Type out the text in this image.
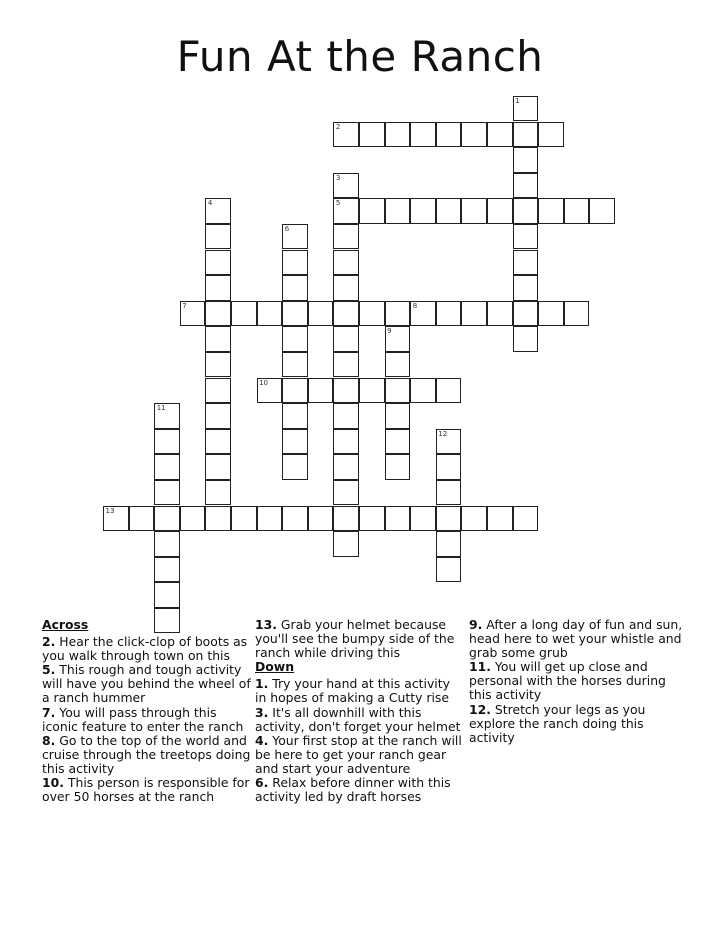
Fun At the Ranch
2
5
7	8
10
13
1
3
4
6
9
11
12
Across

2. Hear the click-clop of boots as you walk through town on this

5. This rough and tough activity will have you behind the wheel of a ranch hummer

7. You will pass through this iconic feature to enter the ranch

8. Go to the top of the world and cruise through the treetops doing this activity

10. This person is responsible for over 50 horses at the ranch

13. Grab your helmet because you'll see the bumpy side of the ranch while driving this

Down

1. Try your hand at this activity in hopes of making a Cutty rise

3. It's all downhill with this activity, don't forget your helmet

4. Your first stop at the ranch will be here to get your ranch gear and start your adventure

6. Relax before dinner with this activity led by draft horses

9. After a long day of fun and sun, head here to wet your whistle and grab some grub

11. You will get up close and personal with the horses during this activity

12. Stretch your legs as you explore the ranch doing this activity
